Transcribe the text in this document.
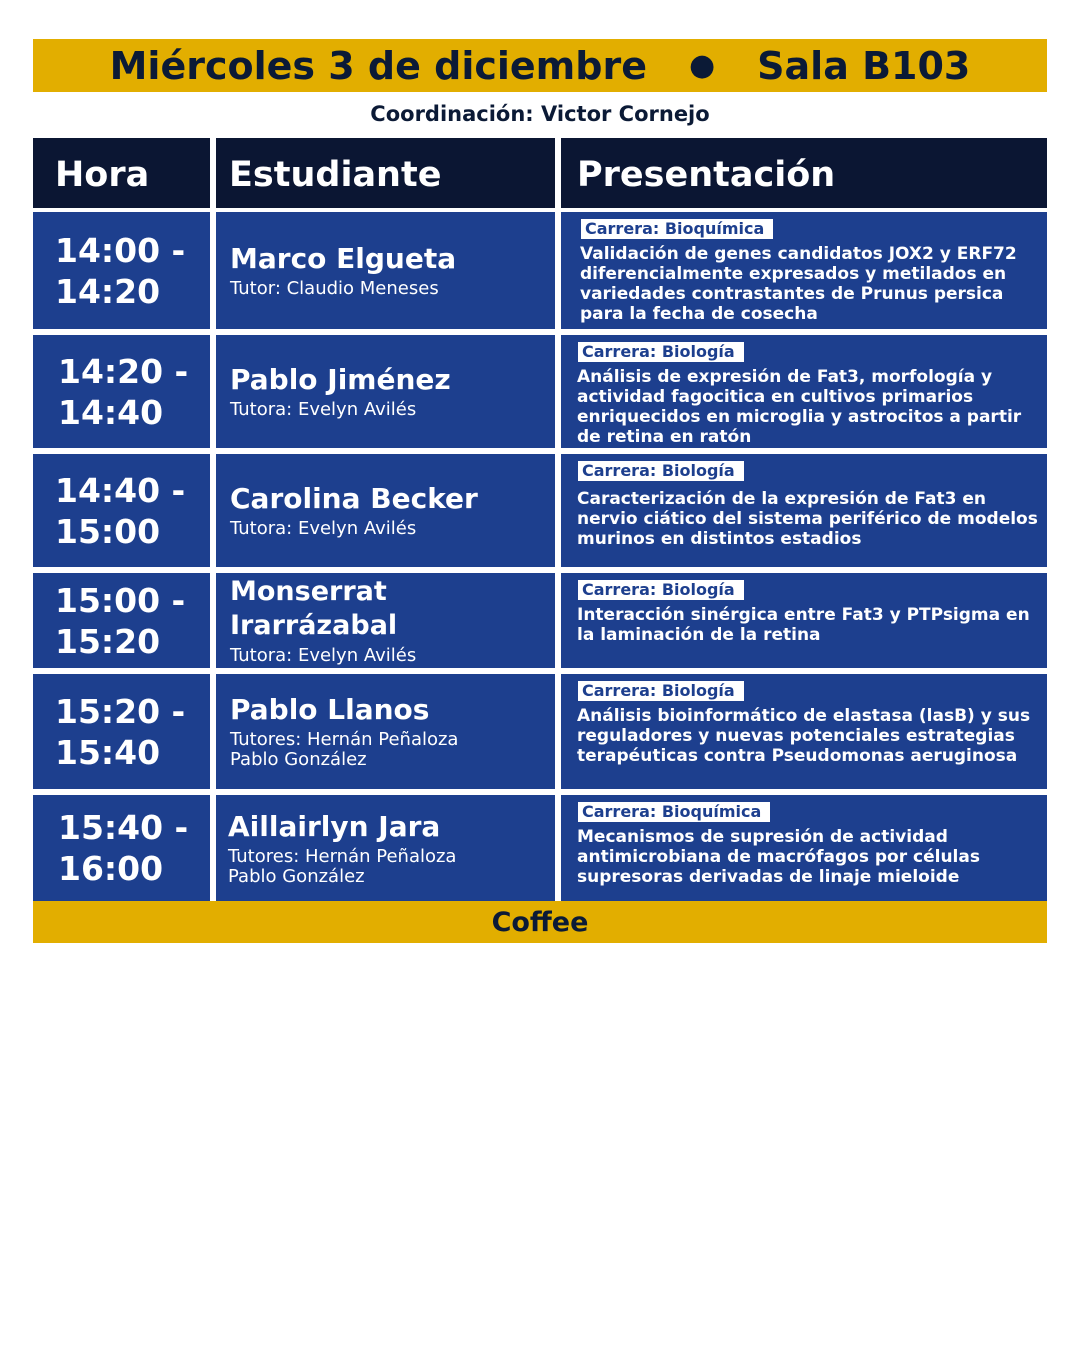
Miércoles 3 de diciembre ● Sala B103
Coordinación: Victor Cornejo
Hora Estudiante	Presentación
14:00 -
14:20
Marco Elgueta
Tutor: Claudio Meneses
Carrera: Bioquímica
Validación de genes candidatos JOX2 y ERF72 diferencialmente expresados y metilados en variedades contrastantes de Prunus persica para la fecha de cosecha
14:20 -
14:40
Pablo Jiménez
Tutora: Evelyn Avilés
Carrera: Biología
Análisis de expresión de Fat3, morfología y actividad fagocitica en cultivos primarios enriquecidos en microglia y astrocitos a partir de retina en ratón
14:40 -
15:00
Carolina Becker
Tutora: Evelyn Avilés
Carrera: Biología
Caracterización de la expresión de Fat3 en nervio ciático del sistema periférico de modelos murinos en distintos estadios
15:00 -
15:20
Monserrat Irarrázabal
Tutora: Evelyn Avilés
Carrera: Biología
Interacción sinérgica entre Fat3 y PTPsigma en la laminación de la retina
15:20 -
15:40
Pablo Llanos
Tutores: Hernán Peñaloza
Pablo González
Carrera: Biología
Análisis bioinformático de elastasa (lasB) y sus reguladores y nuevas potenciales estrategias terapéuticas contra Pseudomonas aeruginosa
15:40 -
16:00
Aillairlyn Jara
Tutores: Hernán Peñaloza
Pablo González
Carrera: Bioquímica
Mecanismos de supresión de actividad antimicrobiana de macrófagos por células supresoras derivadas de linaje mieloide
Coffee
